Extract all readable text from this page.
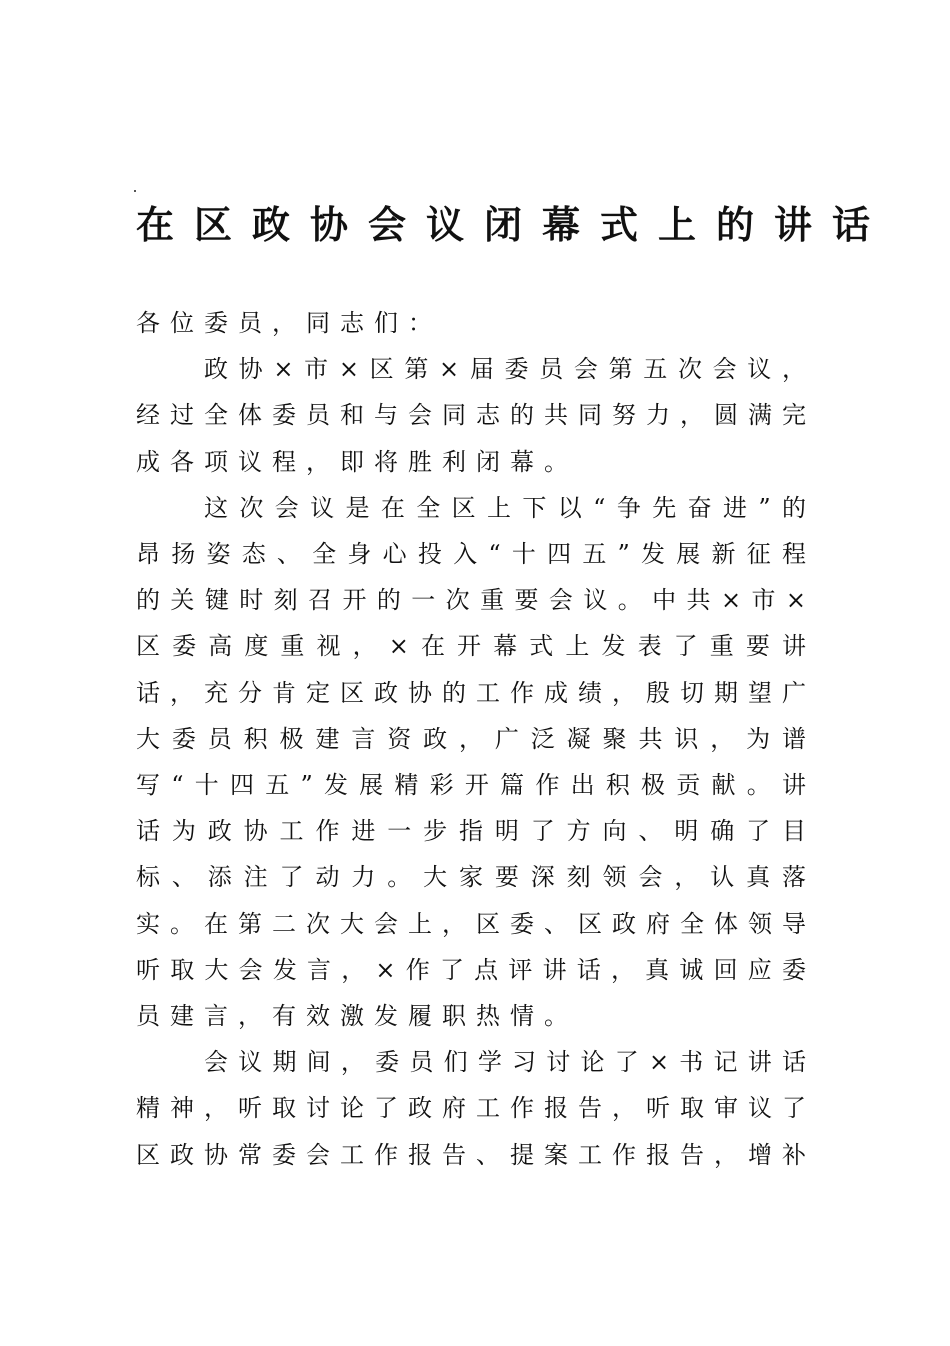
在区政协会议闭幕式上的讲话

各位委员，同志们：

政协×市×区第×届委员会第五次会议，经过全体委员和与会同志的共同努力，圆满完成各项议程，即将胜利闭幕。

这次会议是在全区上下以“争先奋进”的昂扬姿态、全身心投入“十四五”发展新征程的关键时刻召开的一次重要会议。中共×市×区委高度重视，×在开幕式上发表了重要讲话，充分肯定区政协的工作成绩，殷切期望广大委员积极建言资政，广泛凝聚共识，为谱写“十四五”发展精彩开篇作出积极贡献。讲话为政协工作进一步指明了方向、明确了目标、添注了动力。大家要深刻领会，认真落实。在第二次大会上，区委、区政府全体领导听取大会发言，×作了点评讲话，真诚回应委员建言，有效激发履职热情。

会议期间，委员们学习讨论了×书记讲话精神，听取讨论了政府工作报告，听取审议了区政协常委会工作报告、提案工作报告，增补
